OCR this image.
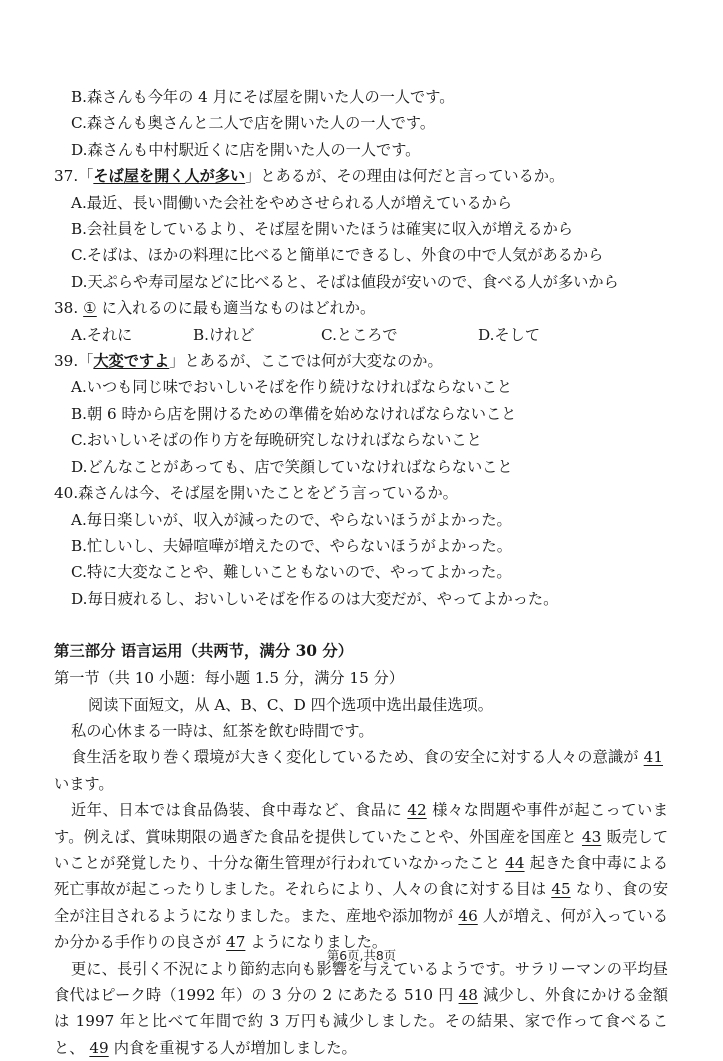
B.森さんも今年の 4 月にそば屋を開いた人の一人です。
C.森さんも奥さんと二人で店を開いた人の一人です。
D.森さんも中村駅近くに店を開いた人の一人です。
37.「そば屋を開く人が多い」とあるが、その理由は何だと言っているか。
A.最近、長い間働いた会社をやめさせられる人が増えているから
B.会社員をしているより、そば屋を開いたほうは確実に収入が増えるから
C.そばは、ほかの料理に比べると簡単にできるし、外食の中で人気があるから
D.天ぷらや寿司屋などに比べると、そばは値段が安いので、食べる人が多いから
38. ① に入れるのに最も適当なものはどれか。
A.それに	B.けれど	C.ところで	D.そして
39.「大変ですよ」とあるが、ここでは何が大変なのか。
A.いつも同じ味でおいしいそばを作り続けなければならないこと
B.朝 6 時から店を開けるための準備を始めなければならないこと
C.おいしいそばの作り方を毎晩研究しなければならないこと
D.どんなことがあっても、店で笑顔していなければならないこと
40.森さんは今、そば屋を開いたことをどう言っているか。
A.毎日楽しいが、収入が減ったので、やらないほうがよかった。
B.忙しいし、夫婦喧嘩が増えたので、やらないほうがよかった。
C.特に大変なことや、難しいこともないので、やってよかった。
D.毎日疲れるし、おいしいそばを作るのは大変だが、やってよかった。
第三部分 语言运用（共两节，满分 30 分）
第一节（共 10 小题：每小题 1.5 分，满分 15 分）
阅读下面短文，从 A、B、C、D 四个选项中选出最佳选项。
私の心休まる一時は、紅茶を飲む時間です。
食生活を取り巻く環境が大きく変化しているため、食の安全に対する人々の意識が 41います。
近年、日本では食品偽装、食中毒など、食品に 42 様々な問題や事件が起こっています。例えば、賞味期限の過ぎた食品を提供していたことや、外国産を国産と 43 販売していことが発覚したり、十分な衛生管理が行われていなかったこと 44 起きた食中毒による死亡事故が起こったりしました。それらにより、人々の食に対する目は 45 なり、食の安全が注目されるようになりました。また、産地や添加物が 46 人が増え、何が入っているか分かる手作りの良さが 47 ようになりました。
更に、長引く不況により節約志向も影響を与えているようです。サラリーマンの平均昼食代はピーク時（1992 年）の 3 分の 2 にあたる 510 円 48 減少し、外食にかける金額は 1997 年と比べて年間で約 3 万円も減少しました。その結果、家で作って食べること、 49 内食を重視する人が増加しました。
第6页,共8页
